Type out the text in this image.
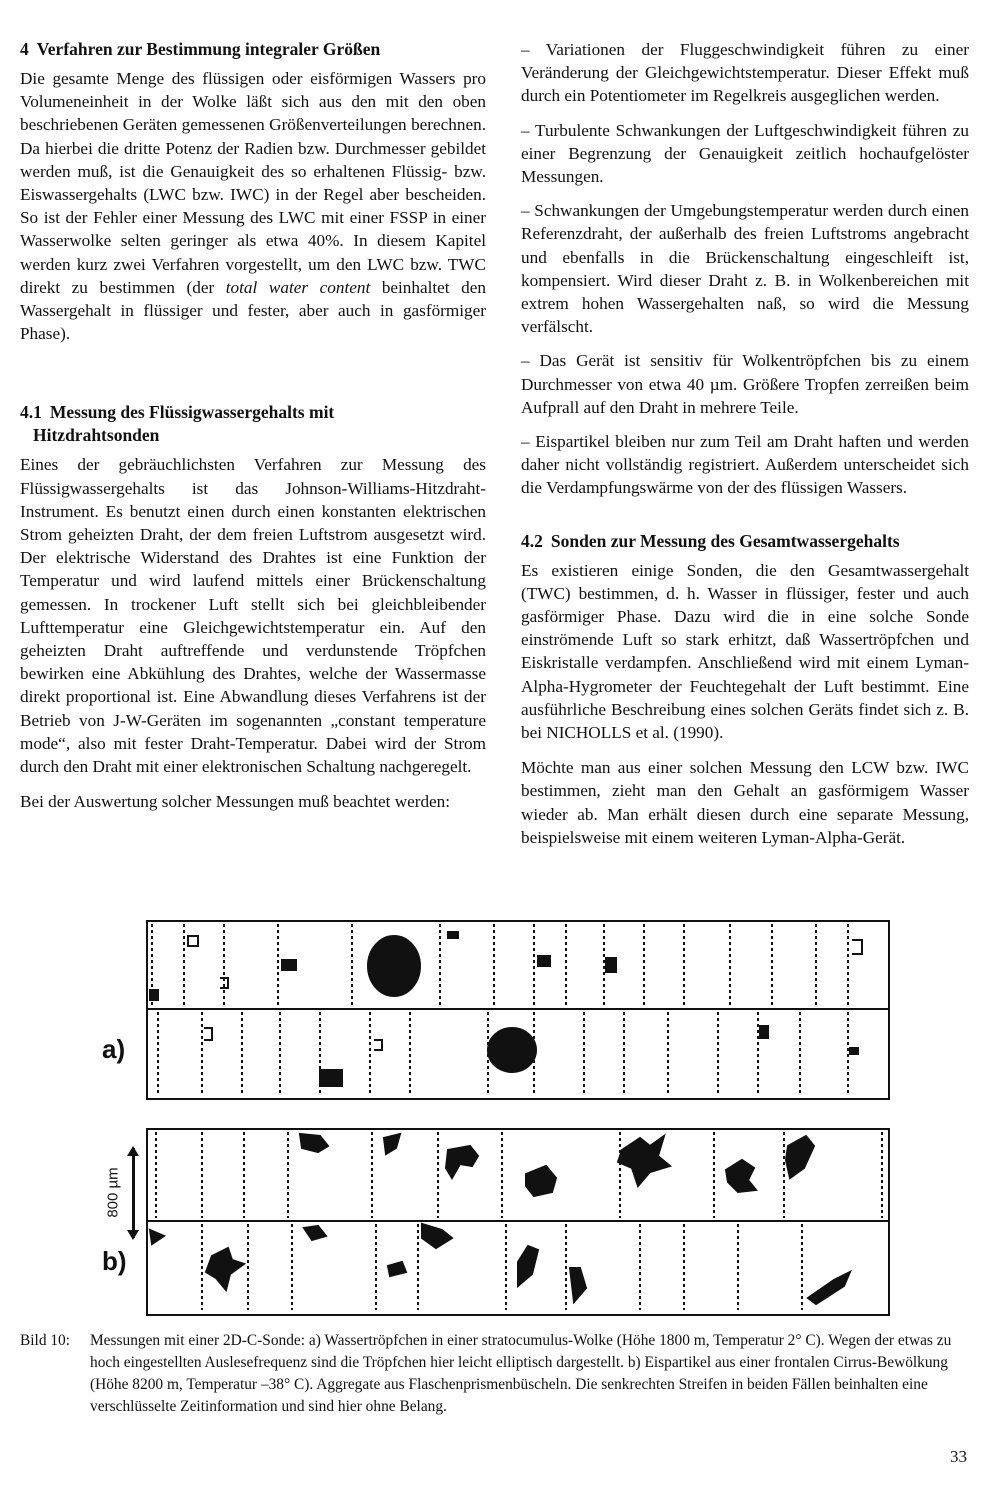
4 Verfahren zur Bestimmung integraler Größen

Die gesamte Menge des flüssigen oder eisförmigen Wassers pro Volumeneinheit in der Wolke läßt sich aus den mit den oben beschriebenen Geräten gemessenen Größenverteilungen berechnen. Da hierbei die dritte Potenz der Radien bzw. Durchmesser gebildet werden muß, ist die Genauigkeit des so erhaltenen Flüssig- bzw. Eiswassergehalts (LWC bzw. IWC) in der Regel aber bescheiden. So ist der Fehler einer Messung des LWC mit einer FSSP in einer Wasserwolke selten geringer als etwa 40%. In diesem Kapitel werden kurz zwei Verfahren vorgestellt, um den LWC bzw. TWC direkt zu bestimmen (der total water content beinhaltet den Wassergehalt in flüssiger und fester, aber auch in gasförmiger Phase).

4.1 Messung des Flüssigwassergehalts mit
Hitzdrahtsonden

Eines der gebräuchlichsten Verfahren zur Messung des Flüssigwassergehalts ist das Johnson-Williams-Hitzdraht-Instrument. Es benutzt einen durch einen konstanten elektrischen Strom geheizten Draht, der dem freien Luftstrom ausgesetzt wird. Der elektrische Widerstand des Drahtes ist eine Funktion der Temperatur und wird laufend mittels einer Brückenschaltung gemessen. In trockener Luft stellt sich bei gleichbleibender Lufttemperatur eine Gleichgewichtstemperatur ein. Auf den geheizten Draht auftreffende und verdunstende Tröpfchen bewirken eine Abkühlung des Drahtes, welche der Wassermasse direkt proportional ist. Eine Abwandlung dieses Verfahrens ist der Betrieb von J-W-Geräten im sogenannten „constant temperature mode“, also mit fester Draht-Temperatur. Dabei wird der Strom durch den Draht mit einer elektronischen Schaltung nachgeregelt.

Bei der Auswertung solcher Messungen muß beachtet werden:

– Variationen der Fluggeschwindigkeit führen zu einer Veränderung der Gleichgewichtstemperatur. Dieser Effekt muß durch ein Potentiometer im Regelkreis ausgeglichen werden.

– Turbulente Schwankungen der Luftgeschwindigkeit führen zu einer Begrenzung der Genauigkeit zeitlich hochaufgelöster Messungen.

– Schwankungen der Umgebungstemperatur werden durch einen Referenzdraht, der außerhalb des freien Luftstroms angebracht und ebenfalls in die Brückenschaltung eingeschleift ist, kompensiert. Wird dieser Draht z. B. in Wolkenbereichen mit extrem hohen Wassergehalten naß, so wird die Messung verfälscht.

– Das Gerät ist sensitiv für Wolkentröpfchen bis zu einem Durchmesser von etwa 40 µm. Größere Tropfen zerreißen beim Aufprall auf den Draht in mehrere Teile.

– Eispartikel bleiben nur zum Teil am Draht haften und werden daher nicht vollständig registriert. Außerdem unterscheidet sich die Verdampfungswärme von der des flüssigen Wassers.

4.2 Sonden zur Messung des Gesamtwassergehalts

Es existieren einige Sonden, die den Gesamtwassergehalt (TWC) bestimmen, d. h. Wasser in flüssiger, fester und auch gasförmiger Phase. Dazu wird die in eine solche Sonde einströmende Luft so stark erhitzt, daß Wassertröpfchen und Eiskristalle verdampfen. Anschließend wird mit einem Lyman-Alpha-Hygrometer der Feuchtegehalt der Luft bestimmt. Eine ausführliche Beschreibung eines solchen Geräts findet sich z. B. bei NICHOLLS et al. (1990).

Möchte man aus einer solchen Messung den LCW bzw. IWC bestimmen, zieht man den Gehalt an gasförmigem Wasser wieder ab. Man erhält diesen durch eine separate Messung, beispielsweise mit einem weiteren Lyman-Alpha-Gerät.

a)
b)
800 µm
Bild 10: Messungen mit einer 2D-C-Sonde: a) Wassertröpfchen in einer stratocumulus-Wolke (Höhe 1800 m, Temperatur 2° C). Wegen der etwas zu hoch eingestellten Auslesefrequenz sind die Tröpfchen hier leicht elliptisch dargestellt. b) Eispartikel aus einer frontalen Cirrus-Bewölkung (Höhe 8200 m, Temperatur –38° C). Aggregate aus Flaschenprismenbüscheln. Die senkrechten Streifen in beiden Fällen beinhalten eine verschlüsselte Zeitinformation und sind hier ohne Belang.
33
